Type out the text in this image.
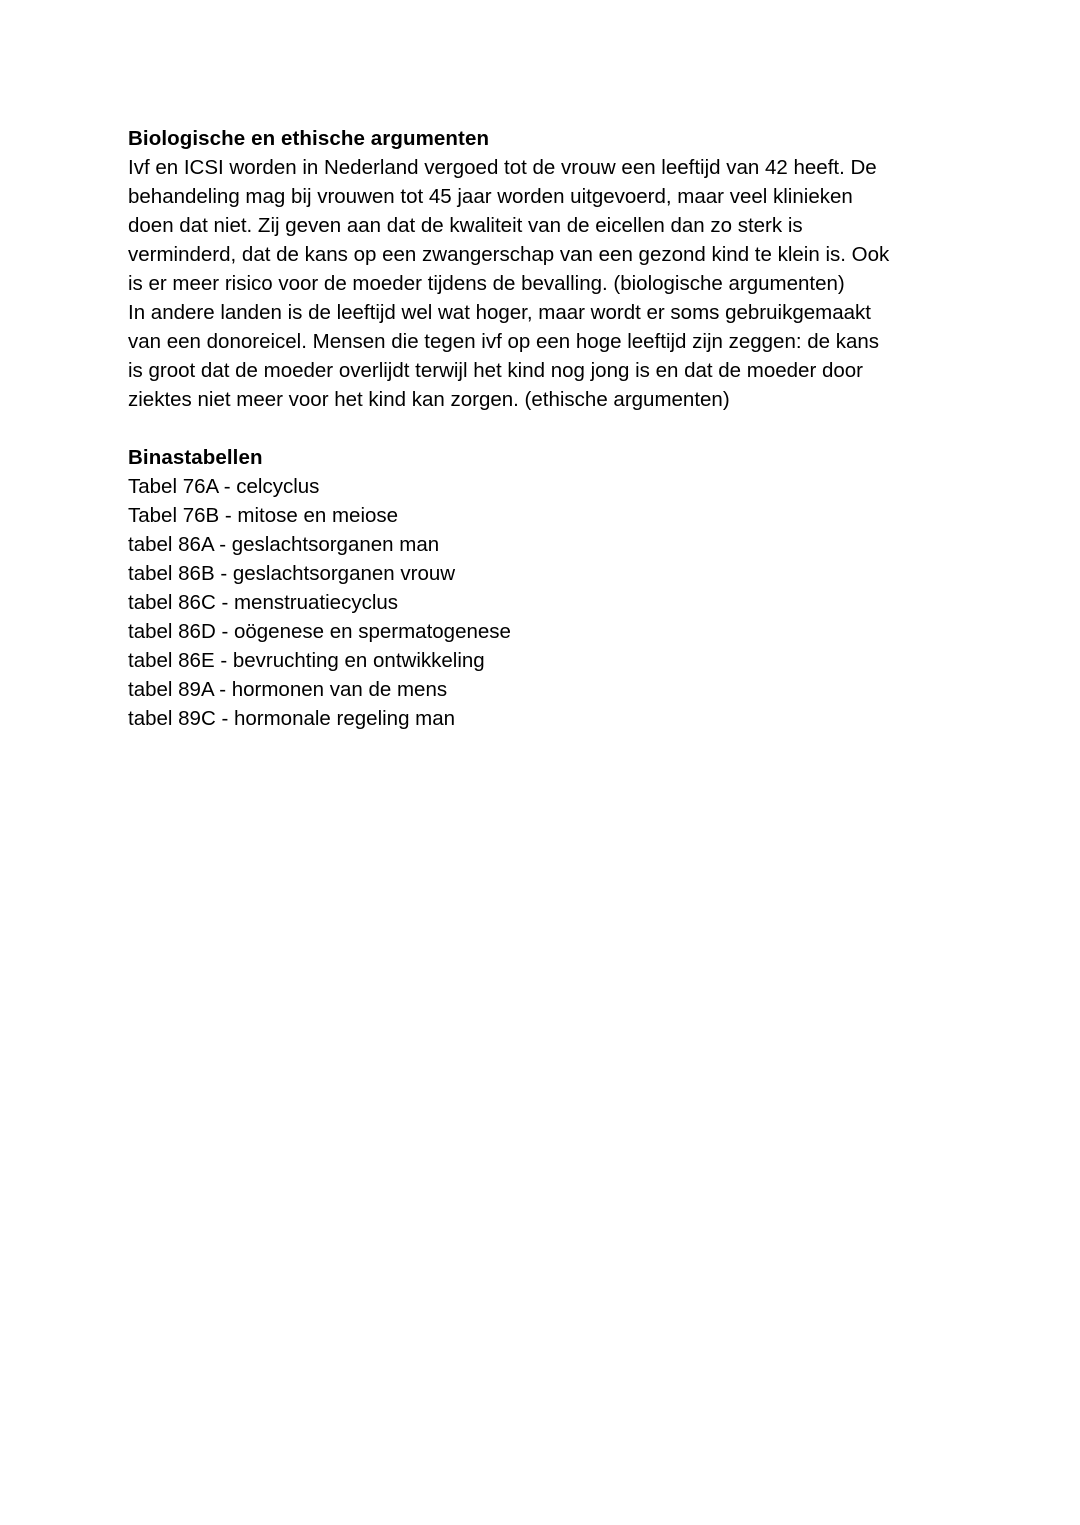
Biologische en ethische argumenten

Ivf en ICSI worden in Nederland vergoed tot de vrouw een leeftijd van 42 heeft. De
behandeling mag bij vrouwen tot 45 jaar worden uitgevoerd, maar veel klinieken
doen dat niet. Zij geven aan dat de kwaliteit van de eicellen dan zo sterk is
verminderd, dat de kans op een zwangerschap van een gezond kind te klein is. Ook
is er meer risico voor de moeder tijdens de bevalling. (biologische argumenten)
In andere landen is de leeftijd wel wat hoger, maar wordt er soms gebruikgemaakt
van een donoreicel. Mensen die tegen ivf op een hoge leeftijd zijn zeggen: de kans
is groot dat de moeder overlijdt terwijl het kind nog jong is en dat de moeder door
ziektes niet meer voor het kind kan zorgen. (ethische argumenten)

Binastabellen
Tabel 76A - celcyclus
Tabel 76B - mitose en meiose
tabel 86A - geslachtsorganen man
tabel 86B - geslachtsorganen vrouw
tabel 86C - menstruatiecyclus
tabel 86D - oögenese en spermatogenese
tabel 86E - bevruchting en ontwikkeling
tabel 89A - hormonen van de mens
tabel 89C - hormonale regeling man
